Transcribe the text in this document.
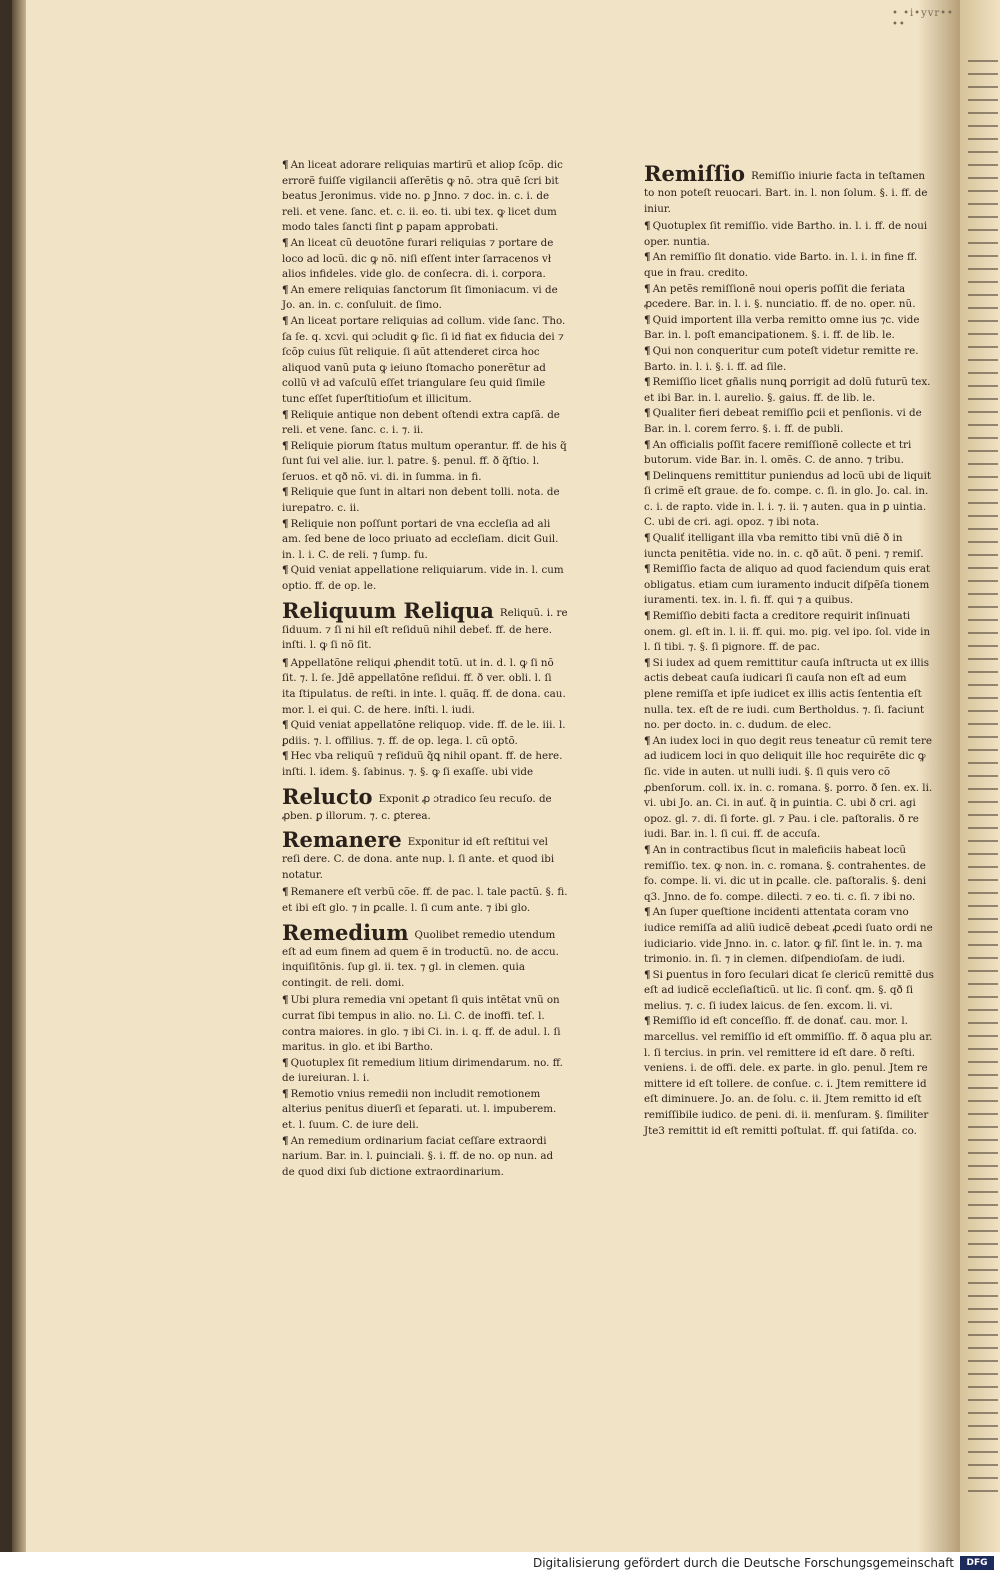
• •i•yvr•• ••
¶ An liceat adorare reliquias martirũ et aliop ſcõp. dic errorẽ fuiſſe vigilancii aſſerẽtis ꝙ nõ. ɔtra quẽ ſcri bit beatus Jeronimus. vide no. ꝑ Jnno. ⁊ doc. in. c. i. de reli. et vene. ſanc. et. c. ii. eo. ti. ubi tex. ꝙ licet dum modo tales ſancti ſint ꝑ papam approbati.
¶ An liceat cũ deuotõne furari reliquias ⁊ portare de loco ad locũ. dic ꝙ nõ. niſi eſſent inter ſarracenos vł alios infideles. vide glo. de conſecra. di. i. corpora.
¶ An emere reliquias ſanctorum ſit ſimoniacum. vi de Jo. an. in. c. conſuluit. de ſimo.
¶ An liceat portare reliquias ad collum. vide ſanc. Tho. ſa ſe. q. xcvi. qui ɔcludit ꝙ ſic. ſi id fiat ex fiducia dei ⁊ ſcõp cuius ſũt reliquie. ſi aũt attenderet circa hoc aliquod vanũ puta ꝙ ieiuno ſtomacho ponerẽtur ad collũ vł ad vaſculũ eſſet triangulare ſeu quid ſimile tunc eſſet ſuperſtitioſum et illicitum.
¶ Reliquie antique non debent oſtendi extra capſã. de reli. et vene. ſanc. c. i. ⁊. ii.
¶ Reliquie piorum ſtatus multum operantur. ff. de his q̃ ſunt ſui vel alie. iur. l. patre. §. penul. ff. ð q̃ſtio. l. ſeruos. et qð nõ. vi. di. in ſumma. in fi.
¶ Reliquie que ſunt in altari non debent tolli. nota. de iurepatro. c. ii.
¶ Reliquie non poſſunt portari de vna eccleſia ad ali am. ſed bene de loco priuato ad eccleſiam. dicit Guil. in. l. i. C. de reli. ⁊ ſump. fu.
¶ Quid veniat appellatione reliquiarum. vide in. l. cum optio. ff. de op. le.
Reliquum Reliqua Reliquũ. i. re ſiduum. ⁊ ſi ni hil eſt reſiduũ nihil debeť. ff. de here. inſti. l. ꝙ ſi nõ ſit.
¶ Appellatõne reliqui ꝓhendit totũ. ut in. d. l. ꝙ ſi nõ ſit. ⁊. l. ſe. Jdẽ appellatõne reſidui. ff. ð ver. obli. l. ſi ita ſtipulatus. de reſti. in inte. l. quãq. ff. de dona. cau. mor. l. ei qui. C. de here. inſti. l. iudi.
¶ Quid veniat appellatõne reliquop. vide. ff. de le. iii. l. ꝑdiis. ⁊. l. offilius. ⁊. ff. de op. lega. l. cũ optõ.
¶ Hec vba reliquũ ⁊ reſiduũ q̃ꝗ nihil opant. ff. de here. inſti. l. idem. §. ſabinus. ⁊. §. ꝙ ſi exaſſe. ubi vide
Relucto Exponit ꝓ ɔtradico ſeu recuſo. de ꝓben. ꝑ illorum. ⁊. c. ꝑterea.
Remanere Exponitur id eſt reſtitui vel reſi dere. C. de dona. ante nup. l. ſi ante. et quod ibi notatur.
¶ Remanere eſt verbũ cõe. ff. de pac. l. tale pactũ. §. fi. et ibi eſt glo. ⁊ in ꝑcalle. l. ſi cum ante. ⁊ ibi glo.
Remedium Quolibet remedio utendum eſt ad eum finem ad quem ẽ in troductũ. no. de accu. inquiſitõnis. ſup gl. ii. tex. ⁊ gl. in clemen. quia contingit. de reli. domi.
¶ Ubi plura remedia vni ɔpetant ſi quis intẽtat vnũ on currat ſibi tempus in alio. no. Li. C. de inoffi. teſ. l. contra maiores. in glo. ⁊ ibi Ci. in. i. q. ff. de adul. l. ſi maritus. in glo. et ibi Bartho.
¶ Quotuplex ſit remedium litium dirimendarum. no. ff. de iureiuran. l. i.
¶ Remotio vnius remedii non includit remotionem alterius penitus diuerſi et ſeparati. ut. l. impuberem. et. l. ſuum. C. de iure deli.
¶ An remedium ordinarium faciat ceſſare extraordi narium. Bar. in. l. ꝑuinciali. §. i. ff. de no. op nun. ad de quod dixi ſub dictione extraordinarium.
Remiſſio Remiſſio iniurie facta in teſtamen to non poteſt reuocari. Bart. in. l. non ſolum. §. i. ff. de iniur.
¶ Quotuplex ſit remiſſio. vide Bartho. in. l. i. ff. de noui oper. nuntia.
¶ An remiſſio ſit donatio. vide Barto. in. l. i. in fine ff. que in frau. credito.
¶ An petẽs remiſſionẽ noui operis poſſit die feriata ꝓcedere. Bar. in. l. i. §. nunciatio. ff. de no. oper. nũ.
¶ Quid importent illa verba remitto omne ius ⁊c. vide Bar. in. l. poſt emancipationem. §. i. ff. de lib. le.
¶ Qui non conqueritur cum poteſt videtur remitte re. Barto. in. l. i. §. i. ff. ad ſile.
¶ Remiſſio licet gñalis nunꝗ ꝑorrigit ad dolũ futurũ tex. et ibi Bar. in. l. aurelio. §. gaius. ff. de lib. le.
¶ Qualiter fieri debeat remiſſio ꝑcii et penſionis. vi de Bar. in. l. corem ferro. §. i. ff. de publi.
¶ An officialis poſſit facere remiſſionẽ collecte et tri butorum. vide Bar. in. l. omẽs. C. de anno. ⁊ tribu.
¶ Delinquens remittitur puniendus ad locũ ubi de liquit ſi crimẽ eſt graue. de fo. compe. c. ſi. in glo. Jo. cal. in. c. i. de rapto. vide in. l. i. ⁊. ii. ⁊ auten. qua in ꝑ uintia. C. ubi de cri. agi. opoz. ⁊ ibi nota.
¶ Qualiť itelligant illa vba remitto tibi vnũ diẽ ð in iuncta penitẽtia. vide no. in. c. qð aũt. ð peni. ⁊ remiſ.
¶ Remiſſio facta de aliquo ad quod faciendum quis erat obligatus. etiam cum iuramento inducit diſpẽſa tionem iuramenti. tex. in. l. fi. ff. qui ⁊ a quibus.
¶ Remiſſio debiti facta a creditore requirit inſinuati onem. gl. eſt in. l. ii. ff. qui. mo. pig. vel ipo. ſol. vide in l. ſi tibi. ⁊. §. ſi pignore. ff. de pac.
¶ Si iudex ad quem remittitur cauſa inſtructa ut ex illis actis debeat cauſa iudicari ſi cauſa non eſt ad eum plene remiſſa et ipſe iudicet ex illis actis ſententia eſt nulla. tex. eſt de re iudi. cum Bertholdus. ⁊. ſi. faciunt no. per docto. in. c. dudum. de elec.
¶ An iudex loci in quo degit reus teneatur cũ remit tere ad iudicem loci in quo deliquit ille hoc requirẽte dic ꝙ ſic. vide in auten. ut nulli iudi. §. ſi quis vero cõ ꝓbenſorum. coll. ix. in. c. romana. §. porro. ð ſen. ex. li. vi. ubi Jo. an. Ci. in auť. q̃ in ꝑuintia. C. ubi ð cri. agi opoz. gl. ⁊. di. ſi forte. gl. ⁊ Pau. i cle. paſtoralis. ð re iudi. Bar. in. l. ſi cui. ff. de accuſa.
¶ An in contractibus ſicut in maleficiis habeat locũ remiſſio. tex. ꝙ non. in. c. romana. §. contrahentes. de fo. compe. li. vi. dic ut in ꝑcalle. cle. paſtoralis. §. deni q3. Jnno. de fo. compe. dilecti. ⁊ eo. ti. c. ſi. ⁊ ibi no.
¶ An ſuper queſtione incidenti attentata coram vno iudice remiſſa ad aliũ iudicẽ debeat ꝓcedi ſuato ordi ne iudiciario. vide Jnno. in. c. lator. ꝙ fiľ. ſint le. in. ⁊. ma trimonio. in. ſi. ⁊ in clemen. diſpendioſam. de iudi.
¶ Si ꝑuentus in foro ſeculari dicat ſe clericũ remittẽ dus eſt ad iudicẽ eccleſiaſticũ. ut lic. ſi conť. qm. §. qð ſi melius. ⁊. c. ſi iudex laicus. de ſen. excom. li. vi.
¶ Remiſſio id eſt conceſſio. ff. de donať. cau. mor. l. marcellus. vel remiſſio id eſt ommiſſio. ff. ð aqua plu ar. l. ſi tercius. in prin. vel remittere id eſt dare. ð reſti. veniens. i. de offi. dele. ex parte. in glo. penul. Jtem re mittere id eſt tollere. de conſue. c. i. Jtem remittere id eſt diminuere. Jo. an. de ſolu. c. ii. Jtem remitto id eſt remiſſibile iudico. de peni. di. ii. menſuram. §. ſimiliter Jte3 remittit id eſt remitti poſtulat. ff. qui ſatiſda. co.
Digitalisierung gefördert durch die Deutsche Forschungsgemeinschaft	DFG
